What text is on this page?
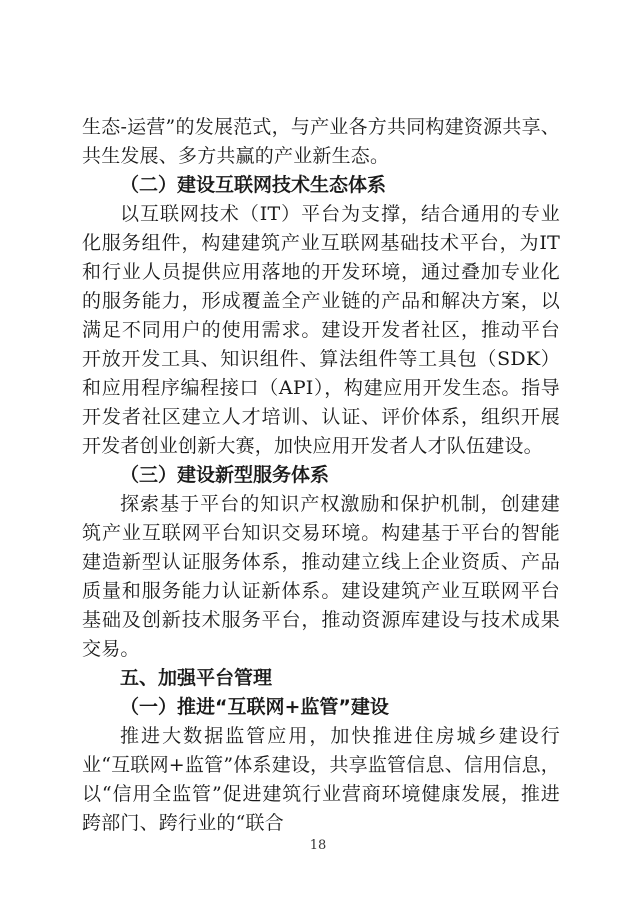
生态-运营”的发展范式，与产业各方共同构建资源共享、共生发展、多方共赢的产业新生态。

（二）建设互联网技术生态体系

以互联网技术（IT）平台为支撑，结合通用的专业化服务组件，构建建筑产业互联网基础技术平台，为IT和行业人员提供应用落地的开发环境，通过叠加专业化的服务能力，形成覆盖全产业链的产品和解决方案，以满足不同用户的使用需求。建设开发者社区，推动平台开放开发工具、知识组件、算法组件等工具包（SDK）和应用程序编程接口（API），构建应用开发生态。指导开发者社区建立人才培训、认证、评价体系，组织开展开发者创业创新大赛，加快应用开发者人才队伍建设。

（三）建设新型服务体系

探索基于平台的知识产权激励和保护机制，创建建筑产业互联网平台知识交易环境。构建基于平台的智能建造新型认证服务体系，推动建立线上企业资质、产品质量和服务能力认证新体系。建设建筑产业互联网平台基础及创新技术服务平台，推动资源库建设与技术成果交易。

五、加强平台管理

（一）推进“互联网+监管”建设

推进大数据监管应用，加快推进住房城乡建设行业“互联网+监管”体系建设，共享监管信息、信用信息，以“信用全监管”促进建筑行业营商环境健康发展，推进跨部门、跨行业的“联合

18
